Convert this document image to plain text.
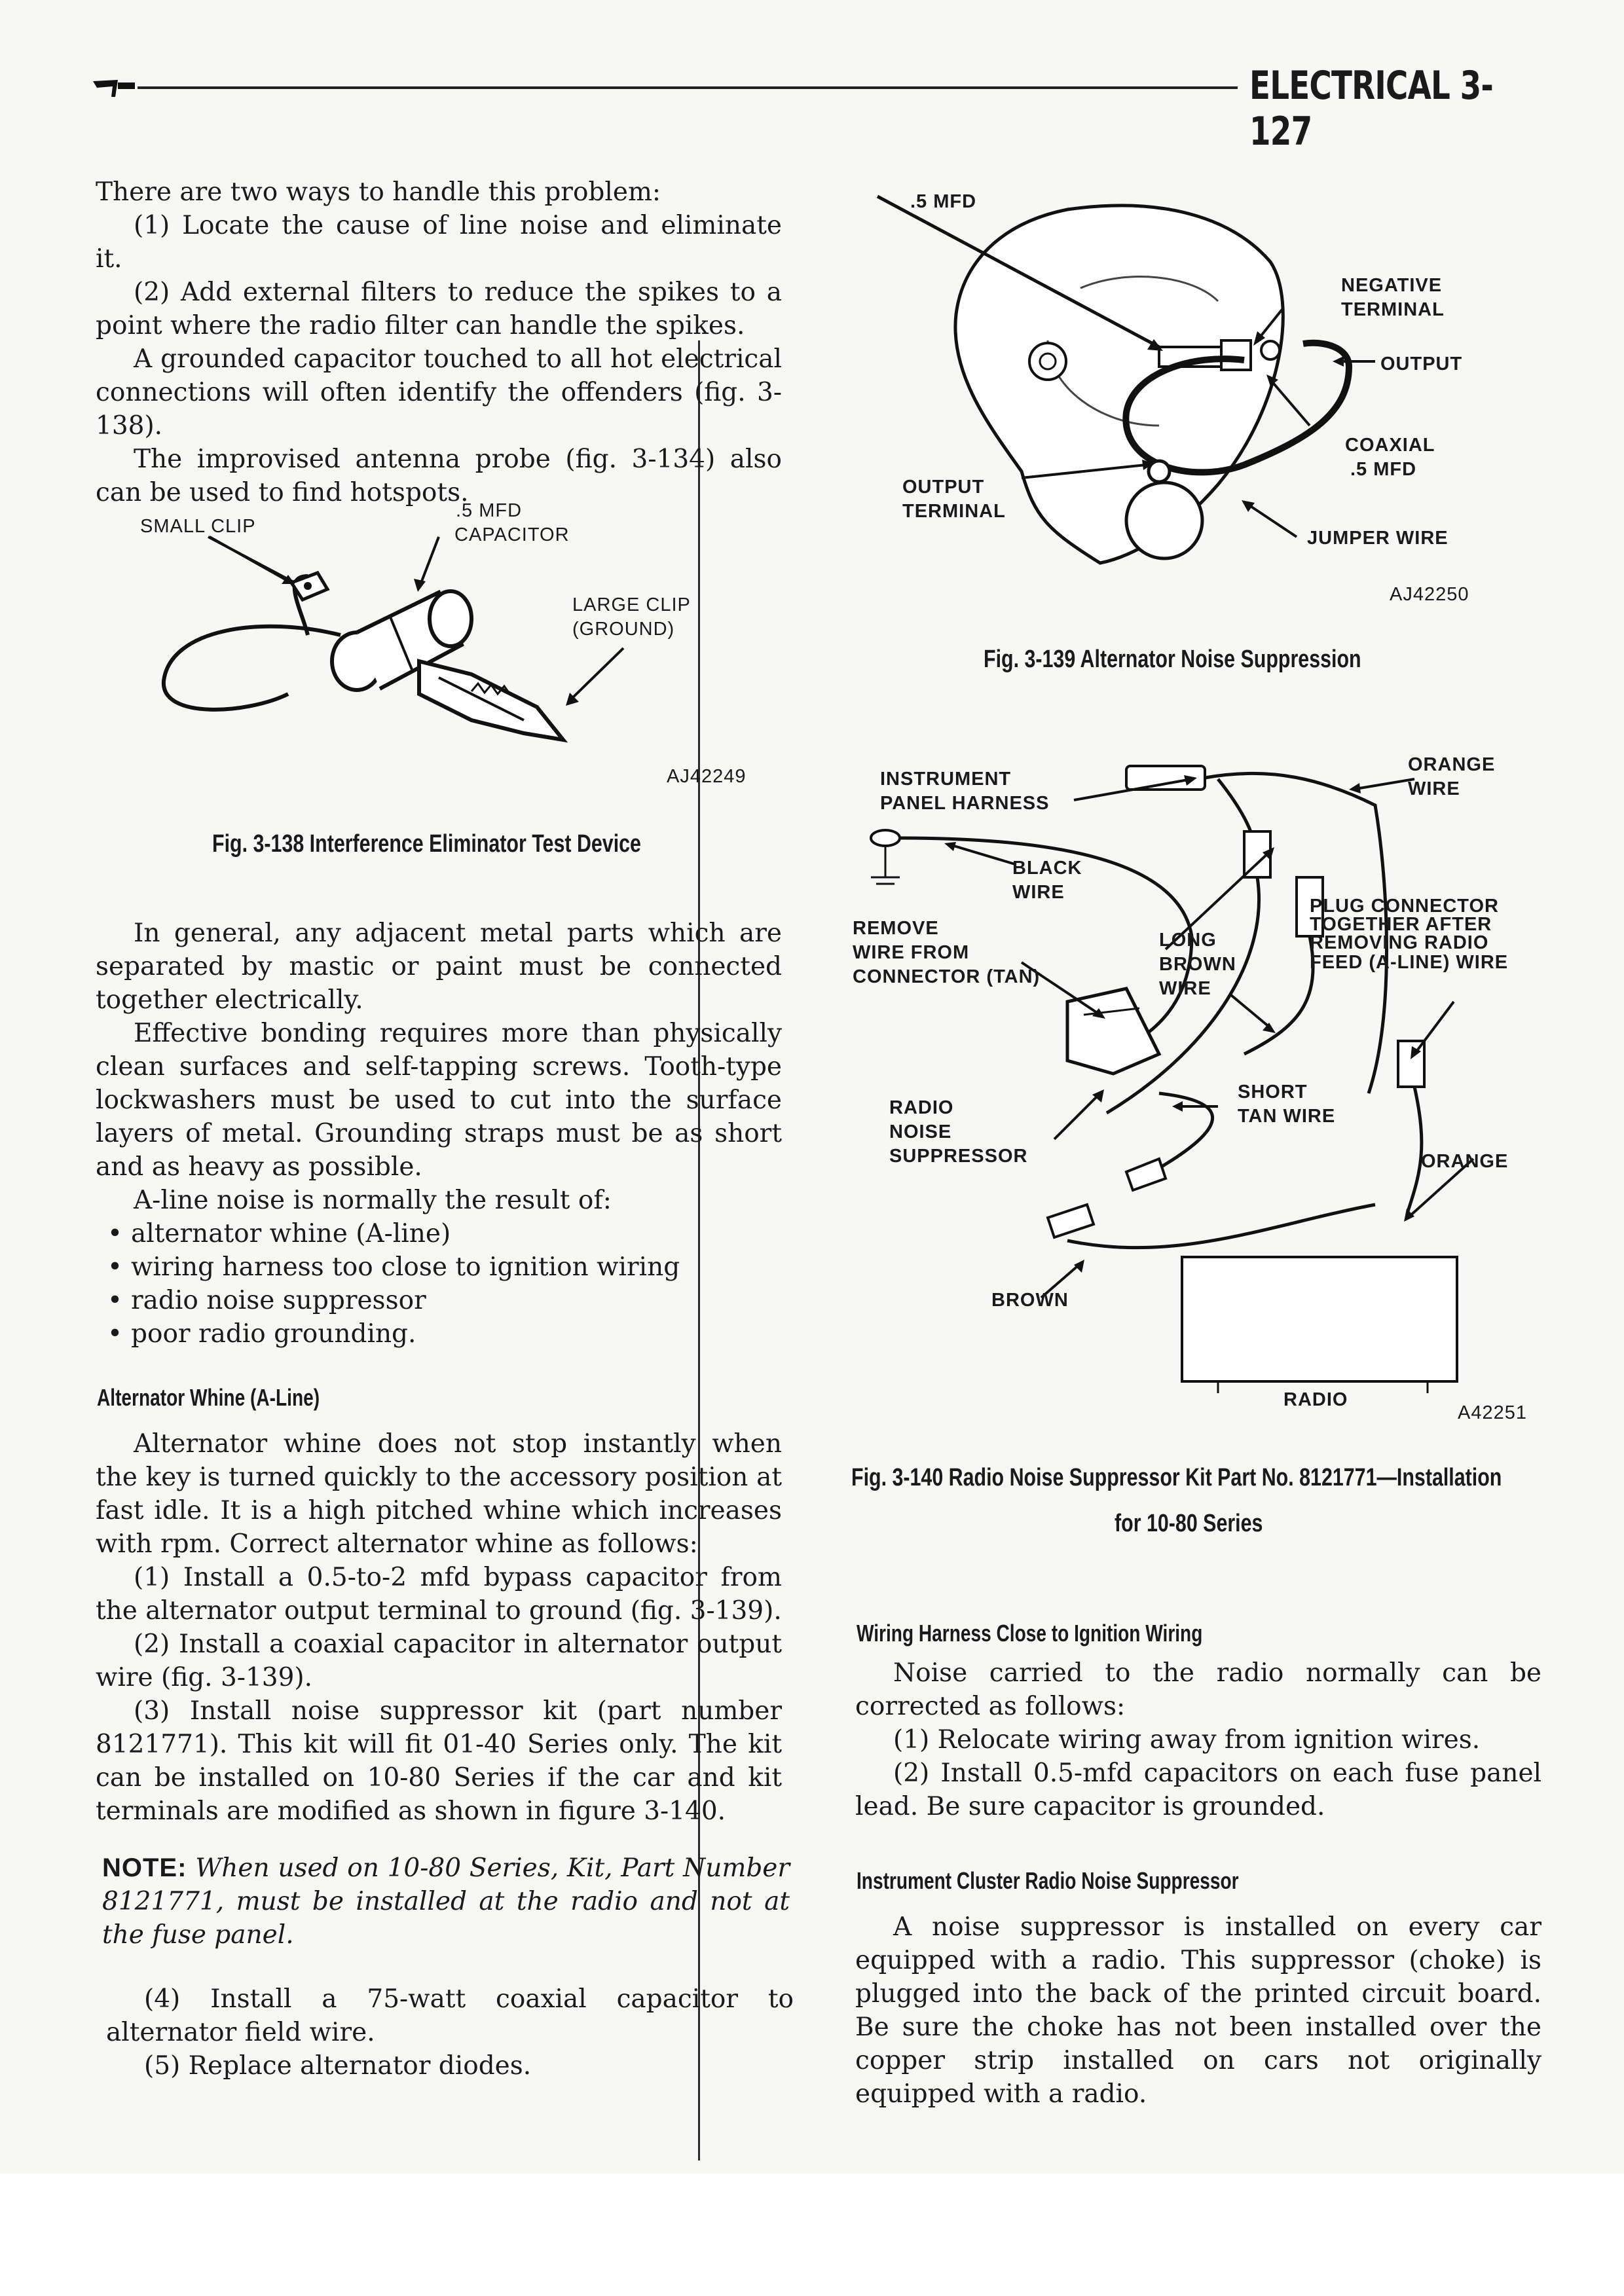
ELECTRICAL 3-127

There are two ways to handle this problem:

(1) Locate the cause of line noise and eliminate it.

(2) Add external filters to reduce the spikes to a point where the radio filter can handle the spikes.

A grounded capacitor touched to all hot electrical connections will often identify the offenders (fig. 3-138).

The improvised antenna probe (fig. 3-134) also can be used to find hotspots.

SMALL CLIP
.5 MFD
CAPACITOR
LARGE CLIP
(GROUND)
AJ42249
Fig. 3-138 Interference Eliminator Test Device

In general, any adjacent metal parts which are separated by mastic or paint must be connected together electrically.

Effective bonding requires more than physically clean surfaces and self-tapping screws. Tooth-type lockwashers must be used to cut into the surface layers of metal. Grounding straps must be as short and as heavy as possible.

A-line noise is normally the result of:

• alternator whine (A-line)
• wiring harness too close to ignition wiring
• radio noise suppressor
• poor radio grounding.
Alternator Whine (A-Line)

Alternator whine does not stop instantly when the key is turned quickly to the accessory position at fast idle. It is a high pitched whine which increases with rpm. Correct alternator whine as follows:

(1) Install a 0.5-to-2 mfd bypass capacitor from the alternator output terminal to ground (fig. 3-139).

(2) Install a coaxial capacitor in alternator output wire (fig. 3-139).

(3) Install noise suppressor kit (part number 8121771). This kit will fit 01-40 Series only. The kit can be installed on 10-80 Series if the car and kit terminals are modified as shown in figure 3-140.

NOTE: When used on 10-80 Series, Kit, Part Number 8121771, must be installed at the radio and not at the fuse panel.

(4) Install a 75-watt coaxial capacitor to alternator field wire.

(5) Replace alternator diodes.

.5 MFD
NEGATIVE
TERMINAL
OUTPUT
COAXIAL
.5 MFD
OUTPUT
TERMINAL
JUMPER WIRE
AJ42250
Fig. 3-139 Alternator Noise Suppression
INSTRUMENT
PANEL HARNESS
ORANGE
WIRE
BLACK
WIRE
REMOVE
WIRE FROM
CONNECTOR (TAN)
LONG
BROWN
WIRE
PLUG CONNECTOR
TOGETHER AFTER
REMOVING RADIO
FEED (A-LINE) WIRE
RADIO
NOISE
SUPPRESSOR
SHORT
TAN WIRE
ORANGE
BROWN
RADIO
A42251
Fig. 3-140 Radio Noise Suppressor Kit Part No. 8121771—Installation
for 10-80 Series
Wiring Harness Close to Ignition Wiring

Noise carried to the radio normally can be corrected as follows:

(1) Relocate wiring away from ignition wires.

(2) Install 0.5-mfd capacitors on each fuse panel lead. Be sure capacitor is grounded.

Instrument Cluster Radio Noise Suppressor

A noise suppressor is installed on every car equipped with a radio. This suppressor (choke) is plugged into the back of the printed circuit board. Be sure the choke has not been installed over the copper strip installed on cars not originally equipped with a radio.
